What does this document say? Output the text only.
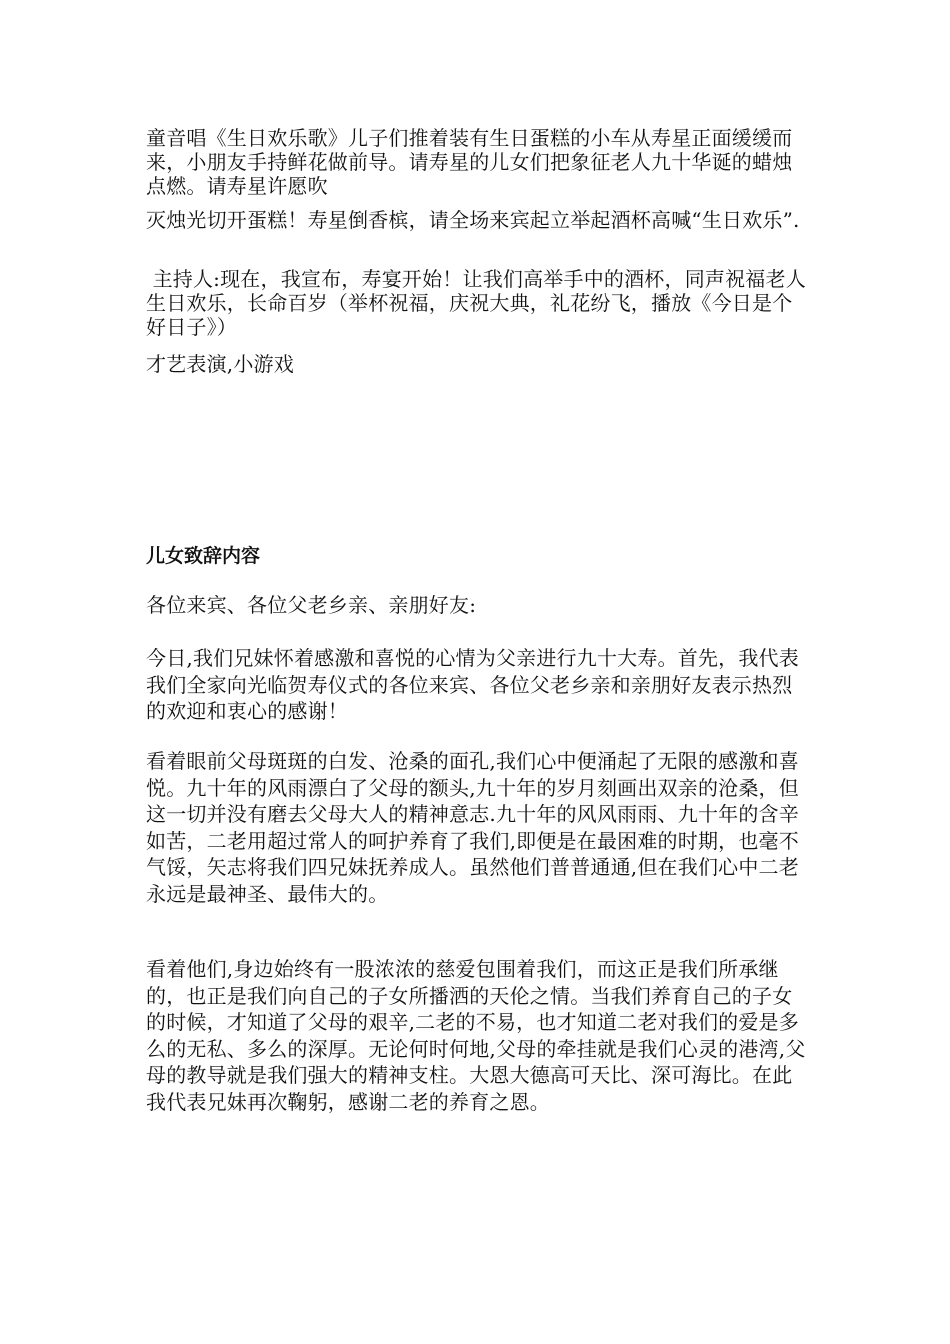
童音唱《生日欢乐歌》儿子们推着装有生日蛋糕的小车从寿星正面缓缓而来，小朋友手持鲜花做前导。请寿星的儿女们把象征老人九十华诞的蜡烛点燃。请寿星许愿吹

灭烛光切开蛋糕！寿星倒香槟，请全场来宾起立举起酒杯高喊“生日欢乐”.

主持人:现在，我宣布，寿宴开始！让我们高举手中的酒杯，同声祝福老人生日欢乐，长命百岁（举杯祝福，庆祝大典，礼花纷飞，播放《今日是个好日子》）

才艺表演,小游戏

儿女致辞内容

各位来宾、各位父老乡亲、亲朋好友:

今日,我们兄妹怀着感激和喜悦的心情为父亲进行九十大寿。首先，我代表我们全家向光临贺寿仪式的各位来宾、各位父老乡亲和亲朋好友表示热烈的欢迎和衷心的感谢！

看着眼前父母斑斑的白发、沧桑的面孔,我们心中便涌起了无限的感激和喜悦。九十年的风雨漂白了父母的额头,九十年的岁月刻画出双亲的沧桑，但这一切并没有磨去父母大人的精神意志.九十年的风风雨雨、九十年的含辛如苦，二老用超过常人的呵护养育了我们,即便是在最困难的时期，也毫不气馁，矢志将我们四兄妹抚养成人。虽然他们普普通通,但在我们心中二老永远是最神圣、最伟大的。

看着他们,身边始终有一股浓浓的慈爱包围着我们，而这正是我们所承继的，也正是我们向自己的子女所播洒的天伦之情。当我们养育自己的子女的时候，才知道了父母的艰辛,二老的不易，也才知道二老对我们的爱是多么的无私、多么的深厚。无论何时何地,父母的牵挂就是我们心灵的港湾,父母的教导就是我们强大的精神支柱。大恩大德高可天比、深可海比。在此我代表兄妹再次鞠躬，感谢二老的养育之恩。
